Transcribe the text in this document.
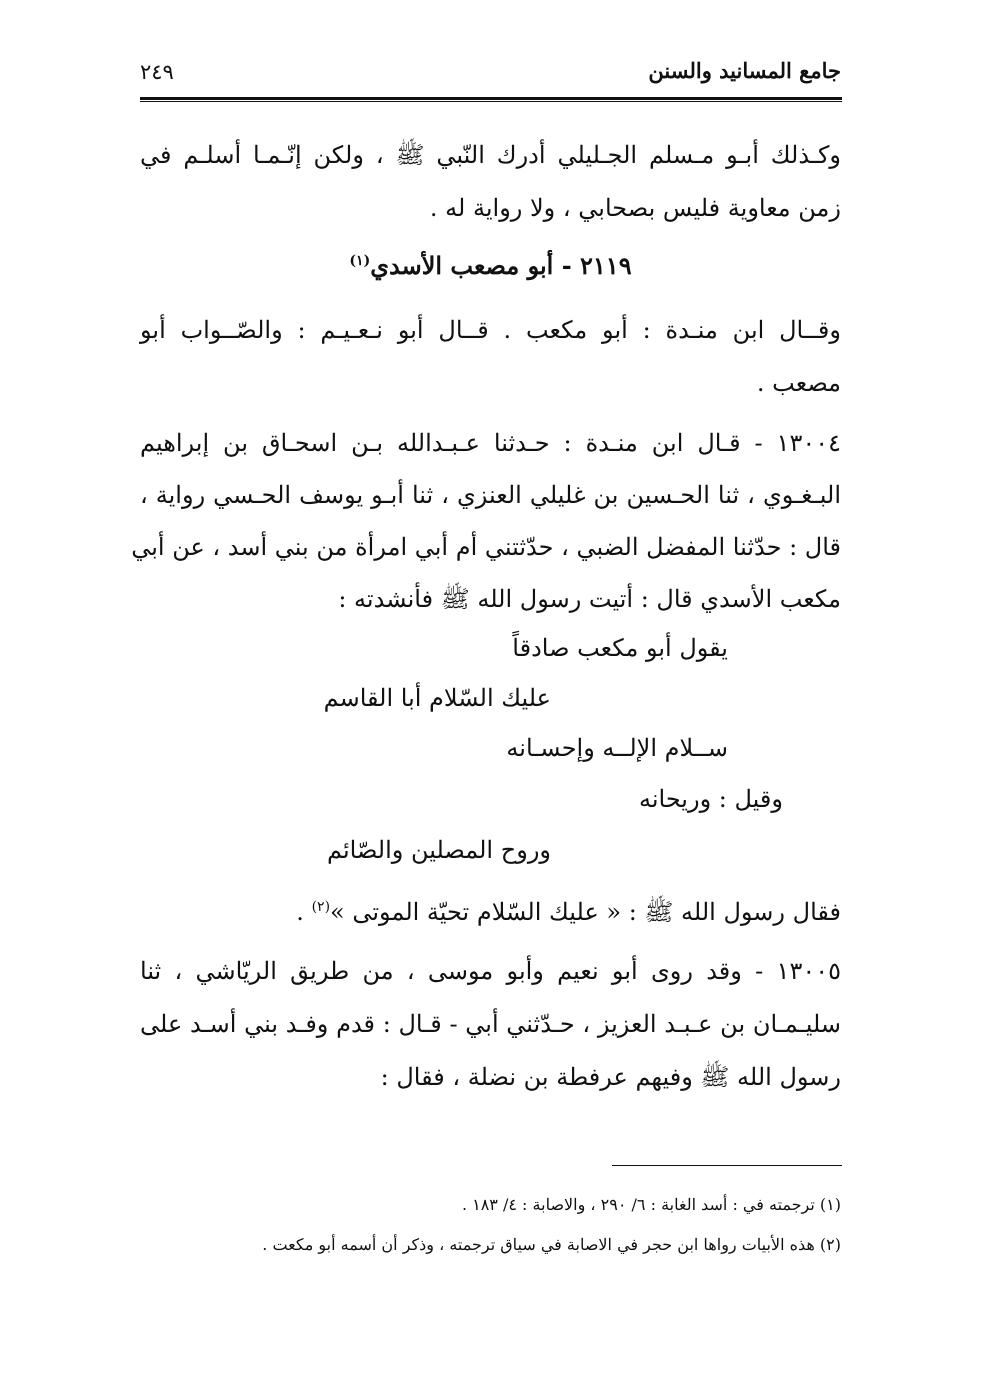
جامع المسانيد والسنن
٢٤٩
وكـذلك أبـو مـسلم الجـليلي أدرك النّبي ﷺ ، ولكن إنّـمـا أسلـم في
زمن معاوية فليس بصحابي ، ولا رواية له .
٢١١٩ - أبو مصعب الأسدي$^{(١)}$
وقــال ابن منـدة : أبو مكعب . قــال أبو نـعـيـم : والصّــواب أبو
مصعب .
١٣٠٠٤ - قـال ابن منـدة : حـدثنا عـبـدالله بـن اسحـاق بن إبراهيم
البـغـوي ، ثنا الحـسين بن غليلي العنزي ، ثنا أبـو يوسف الحـسي رواية ،
قال : حدّثنا المفضل الضبي ، حدّثتني أم أبي امرأة من بني أسد ، عن أبي
مكعب الأسدي قال : أتيت رسول الله ﷺ فأنشدته :
يقول أبو مكعب صادقاً
عليك السّلام أبا القاسم
ســلام الإلــه وإحسـانه
وقيل : وريحانه
وروح المصلين والصّائم
فقال رسول الله ﷺ : « عليك السّلام تحيّة الموتى »$^{(٢)}$ .
١٣٠٠٥ - وقد روى أبو نعيم وأبو موسى ، من طريق الريّاشي ، ثنا
سليـمـان بن عـبـد العزيز ، حـدّثني أبي - قـال : قدم وفـد بني أسـد على
رسول الله ﷺ وفيهم عرفطة بن نضلة ، فقال :
(١) ترجمته في : أسد الغابة : ٦/ ٢٩٠ ، والاصابة : ٤/ ١٨٣ .
(٢) هذه الأبيات رواها ابن حجر في الاصابة في سياق ترجمته ، وذكر أن أسمه أبو مكعت .
